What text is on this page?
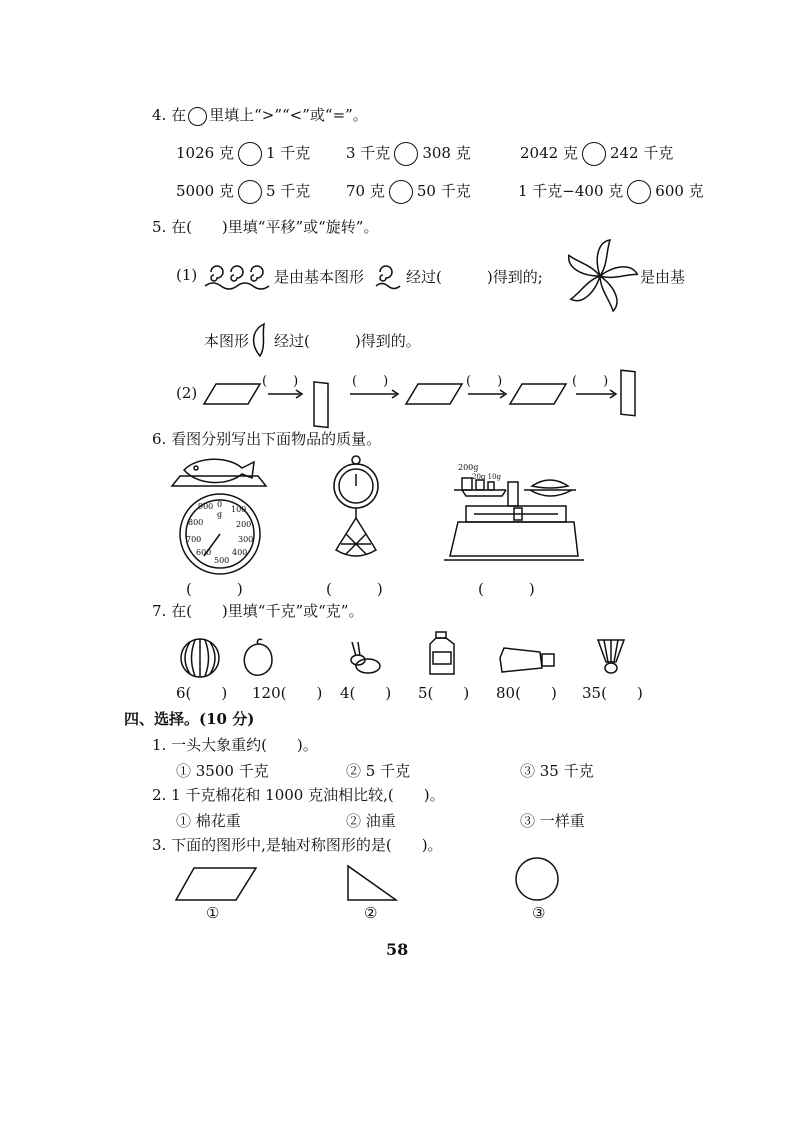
4. 在 里填上“>”“<”或“=”。
1026 克 1 千克 3 千克 308 克	2042 克 242 千克
5000 克 5 千克 70 克 50 千克	1 千克−400 克 600 克
5. 在(　　)里填“平移”或“旋转”。
(1)	是由基本图形	经过(　　　)得到的;	是由基
本图形 经过(　　　)得到的。
(2)
(　　)	(　　)	(　　)	(　　)
6. 看图分别写出下面物品的质量。
900 0
100
800
g
200
700	300
600	400
500
200g
20g 10g
(　　　)	(　　　)	(　　　)
7. 在(　　)里填“千克”或“克”。
6(　　) 120(　　) 4(　　) 5(　　) 80(　　) 35(　　)
四、选择。(10 分)
1. 一头大象重约(　　)。
① 3500 千克	② 5 千克	③ 35 千克
2. 1 千克棉花和 1000 克油相比较,(　　)。
① 棉花重	② 油重	③ 一样重
3. 下面的图形中,是轴对称图形的是(　　)。
①	②	③
58
